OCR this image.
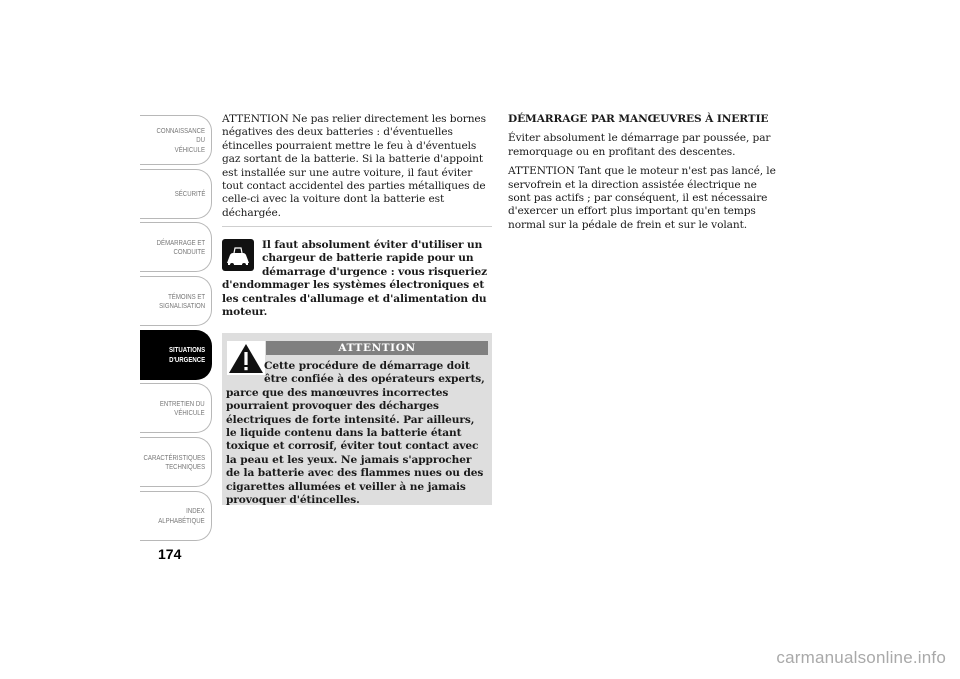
CONNAISSANCE DU
VÉHICULE
SÉCURITÉ
DÉMARRAGE ET
CONDUITE
TÉMOINS ET
SIGNALISATION
SITUATIONS
D'URGENCE
ENTRETIEN DU
VÉHICULE
CARACTÉRISTIQUES
TECHNIQUES
INDEX
ALPHABÉTIQUE
174

ATTENTION Ne pas relier directement les bornes négatives des deux batteries : d'éventuelles étincelles pourraient mettre le feu à d'éventuels gaz sortant de la batterie. Si la batterie d'appoint est installée sur une autre voiture, il faut éviter tout contact accidentel des parties métalliques de celle-ci avec la voiture dont la batterie est déchargée.

Il faut absolument éviter d'utiliser un chargeur de batterie rapide pour un démarrage d'urgence : vous risqueriez
d'endommager les systèmes électroniques et les centrales d'allumage et d'alimentation du moteur.

ATTENTION

Cette procédure de démarrage doit être confiée à des opérateurs experts,
parce que des manœuvres incorrectes pourraient provoquer des décharges électriques de forte intensité. Par ailleurs, le liquide contenu dans la batterie étant toxique et corrosif, éviter tout contact avec la peau et les yeux. Ne jamais s'approcher de la batterie avec des flammes nues ou des cigarettes allumées et veiller à ne jamais provoquer d'étincelles.

DÉMARRAGE PAR MANŒUVRES À INERTIE

Éviter absolument le démarrage par poussée, par remorquage ou en profitant des descentes.

ATTENTION Tant que le moteur n'est pas lancé, le servofrein et la direction assistée électrique ne sont pas actifs ; par conséquent, il est nécessaire d'exercer un effort plus important qu'en temps normal sur la pédale de frein et sur le volant.

carmanualsonline.info
